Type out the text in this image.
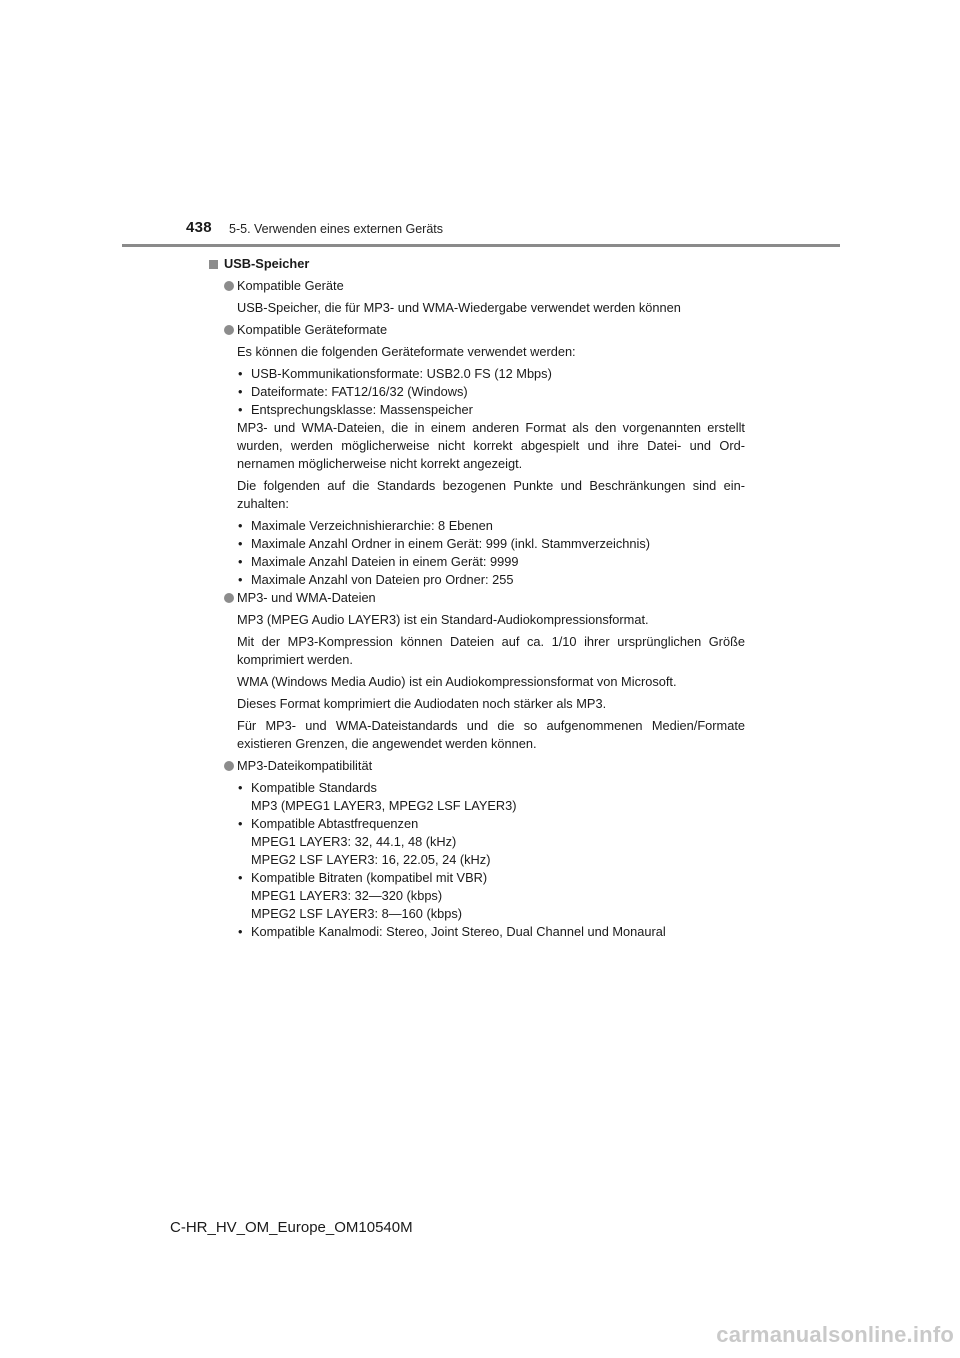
438 5-5. Verwenden eines externen Geräts
USB-Speicher
Kompatible Geräte

USB-Speicher, die für MP3- und WMA-Wiedergabe verwendet werden können

Kompatible Geräteformate

Es können die folgenden Geräteformate verwendet werden:

• USB-Kommunikationsformate: USB2.0 FS (12 Mbps)
• Dateiformate: FAT12/16/32 (Windows)
• Entsprechungsklasse: Massenspeicher

MP3- und WMA-Dateien, die in einem anderen Format als den vorgenannten erstellt wurden, werden möglicherweise nicht korrekt abgespielt und ihre Datei- und Ord-nernamen möglicherweise nicht korrekt angezeigt.

Die folgenden auf die Standards bezogenen Punkte und Beschränkungen sind ein-zuhalten:

• Maximale Verzeichnishierarchie: 8 Ebenen
• Maximale Anzahl Ordner in einem Gerät: 999 (inkl. Stammverzeichnis)
• Maximale Anzahl Dateien in einem Gerät: 9999
• Maximale Anzahl von Dateien pro Ordner: 255
MP3- und WMA-Dateien

MP3 (MPEG Audio LAYER3) ist ein Standard-Audiokompressionsformat.

Mit der MP3-Kompression können Dateien auf ca. 1/10 ihrer ursprünglichen Größe komprimiert werden.

WMA (Windows Media Audio) ist ein Audiokompressionsformat von Microsoft.

Dieses Format komprimiert die Audiodaten noch stärker als MP3.

Für MP3- und WMA-Dateistandards und die so aufgenommenen Medien/Formate existieren Grenzen, die angewendet werden können.

MP3-Dateikompatibilität
• Kompatible Standards
MP3 (MPEG1 LAYER3, MPEG2 LSF LAYER3)
• Kompatible Abtastfrequenzen
MPEG1 LAYER3: 32, 44.1, 48 (kHz)
MPEG2 LSF LAYER3: 16, 22.05, 24 (kHz)
• Kompatible Bitraten (kompatibel mit VBR)
MPEG1 LAYER3: 32—320 (kbps)
MPEG2 LSF LAYER3: 8—160 (kbps)
• Kompatible Kanalmodi: Stereo, Joint Stereo, Dual Channel und Monaural
C-HR_HV_OM_Europe_OM10540M
carmanualsonline.info
